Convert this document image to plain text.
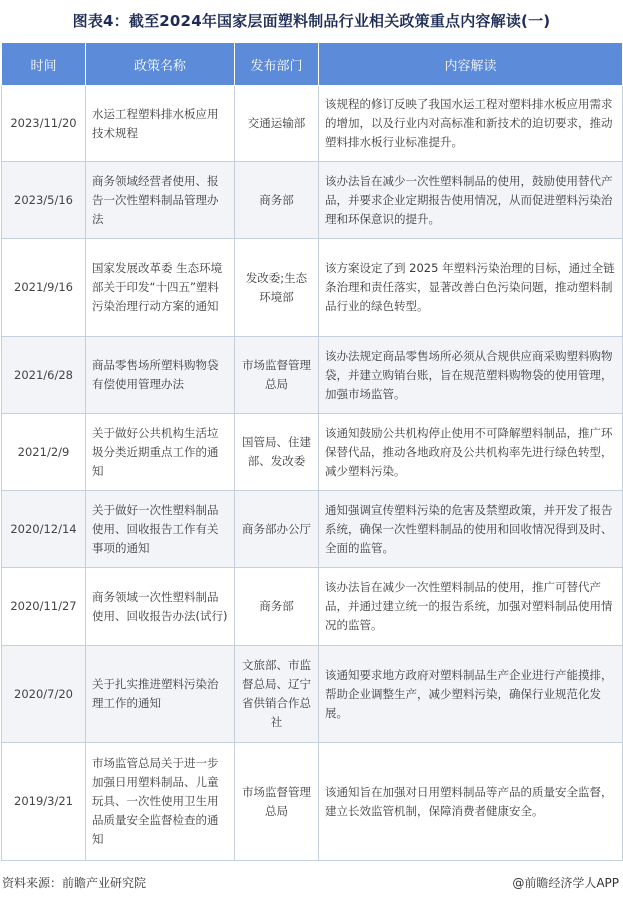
图表4：截至2024年国家层面塑料制品行业相关政策重点内容解读(一)
时间	政策名称	发布部门	内容解读
2023/11/20	水运工程塑料排水板应用技术规程	交通运输部	该规程的修订反映了我国水运工程对塑料排水板应用需求的增加，以及行业内对高标准和新技术的迫切要求，推动塑料排水板行业标准提升。
2023/5/16	商务领域经营者使用、报告一次性塑料制品管理办法	商务部	该办法旨在减少一次性塑料制品的使用，鼓励使用替代产品，并要求企业定期报告使用情况，从而促进塑料污染治理和环保意识的提升。
2021/9/16	国家发展改革委 生态环境部关于印发“十四五”塑料污染治理行动方案的通知	发改委;生态环境部	该方案设定了到 2025 年塑料污染治理的目标，通过全链条治理和责任落实，显著改善白色污染问题，推动塑料制品行业的绿色转型。
2021/6/28	商品零售场所塑料购物袋有偿使用管理办法	市场监督管理总局	该办法规定商品零售场所必须从合规供应商采购塑料购物袋，并建立购销台账，旨在规范塑料购物袋的使用管理，加强市场监管。
2021/2/9	关于做好公共机构生活垃圾分类近期重点工作的通知	国管局、住建部、发改委	该通知鼓励公共机构停止使用不可降解塑料制品，推广环保替代品，推动各地政府及公共机构率先进行绿色转型，减少塑料污染。
2020/12/14	关于做好一次性塑料制品使用、回收报告工作有关事项的通知	商务部办公厅	通知强调宣传塑料污染的危害及禁塑政策，并开发了报告系统，确保一次性塑料制品的使用和回收情况得到及时、全面的监管。
2020/11/27	商务领域一次性塑料制品使用、回收报告办法(试行)	商务部	该办法旨在减少一次性塑料制品的使用，推广可替代产品，并通过建立统一的报告系统，加强对塑料制品使用情况的监管。
2020/7/20	关于扎实推进塑料污染治理工作的通知	文旅部、市监督总局、辽宁省供销合作总社	该通知要求地方政府对塑料制品生产企业进行产能摸排，帮助企业调整生产，减少塑料污染，确保行业规范化发展。
2019/3/21	市场监管总局关于进一步加强日用塑料制品、儿童玩具、一次性使用卫生用品质量安全监督检查的通知	市场监督管理总局	该通知旨在加强对日用塑料制品等产品的质量安全监督，建立长效监管机制，保障消费者健康安全。
资料来源：前瞻产业研究院	@前瞻经济学人APP
